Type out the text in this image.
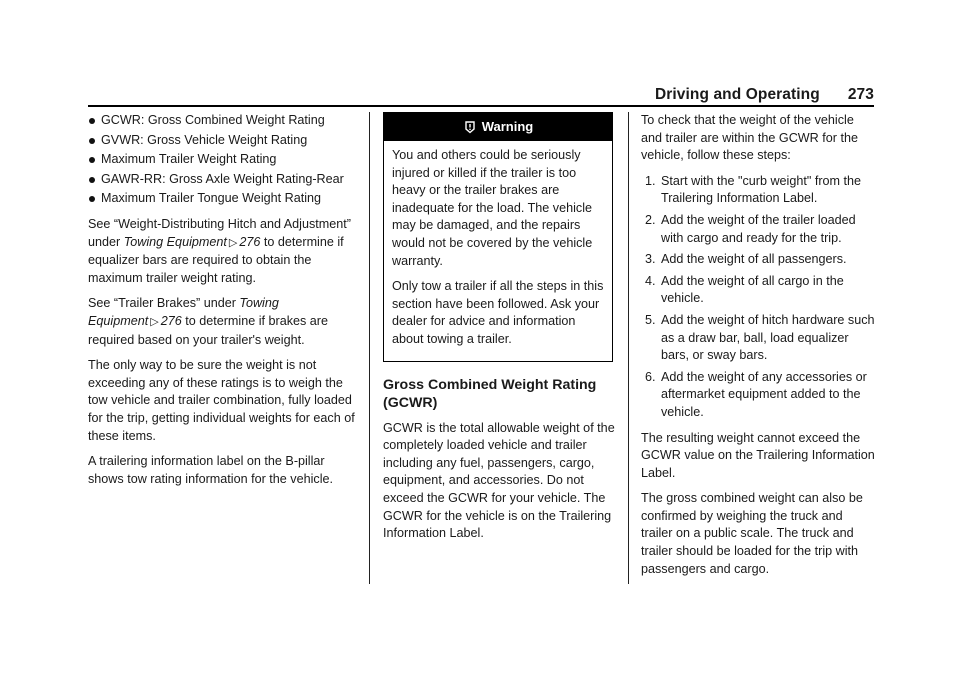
Driving and Operating 273
GCWR: Gross Combined Weight Rating
GVWR: Gross Vehicle Weight Rating
Maximum Trailer Weight Rating
GAWR-RR: Gross Axle Weight Rating-Rear
Maximum Trailer Tongue Weight Rating

See “Weight-Distributing Hitch and Adjustment” under Towing Equipment ▷ 276 to determine if equalizer bars are required to obtain the maximum trailer weight rating.

See “Trailer Brakes” under Towing Equipment ▷ 276 to determine if brakes are required based on your trailer's weight.

The only way to be sure the weight is not exceeding any of these ratings is to weigh the tow vehicle and trailer combination, fully loaded for the trip, getting individual weights for each of these items.

A trailering information label on the B-pillar shows tow rating information for the vehicle.

Warning

You and others could be seriously injured or killed if the trailer is too heavy or the trailer brakes are inadequate for the load. The vehicle may be damaged, and the repairs would not be covered by the vehicle warranty.

Only tow a trailer if all the steps in this section have been followed. Ask your dealer for advice and information about towing a trailer.

Gross Combined Weight Rating (GCWR)

GCWR is the total allowable weight of the completely loaded vehicle and trailer including any fuel, passengers, cargo, equipment, and accessories. Do not exceed the GCWR for your vehicle. The GCWR for the vehicle is on the Trailering Information Label.

To check that the weight of the vehicle and trailer are within the GCWR for the vehicle, follow these steps:

1. Start with the "curb weight" from the Trailering Information Label.
2. Add the weight of the trailer loaded with cargo and ready for the trip.
3. Add the weight of all passengers.
4. Add the weight of all cargo in the vehicle.
5. Add the weight of hitch hardware such as a draw bar, ball, load equalizer bars, or sway bars.
6. Add the weight of any accessories or aftermarket equipment added to the vehicle.

The resulting weight cannot exceed the GCWR value on the Trailering Information Label.

The gross combined weight can also be confirmed by weighing the truck and trailer on a public scale. The truck and trailer should be loaded for the trip with passengers and cargo.
